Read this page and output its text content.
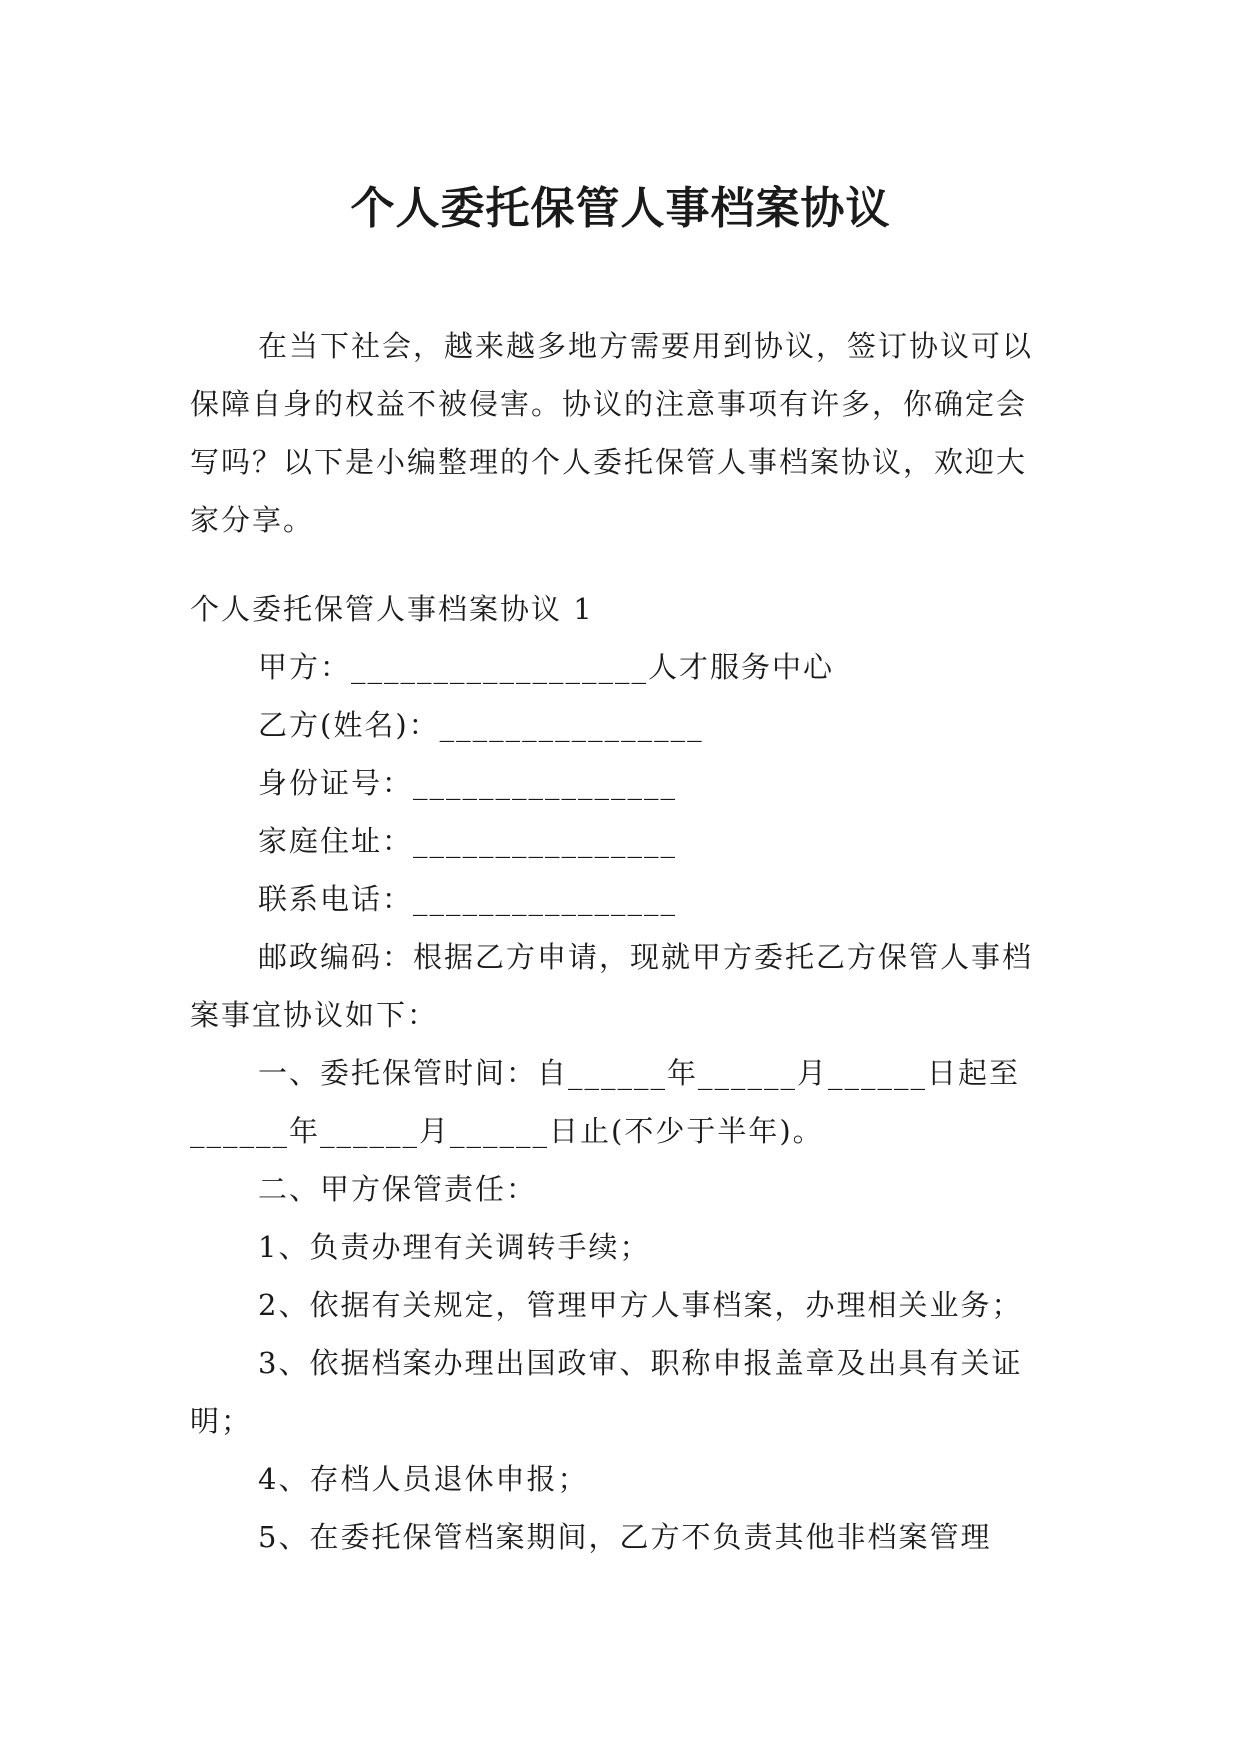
个人委托保管人事档案协议

在当下社会，越来越多地方需要用到协议，签订协议可以保障自身的权益不被侵害。协议的注意事项有许多，你确定会写吗？以下是小编整理的个人委托保管人事档案协议，欢迎大家分享。

个人委托保管人事档案协议 1

甲方：__________________人才服务中心

乙方(姓名)：________________

身份证号：________________

家庭住址：________________

联系电话：________________

邮政编码：根据乙方申请，现就甲方委托乙方保管人事档案事宜协议如下：

一、委托保管时间：自______年______月______日起至______年______月______日止(不少于半年)。

二、甲方保管责任：

1、负责办理有关调转手续；

2、依据有关规定，管理甲方人事档案，办理相关业务；

3、依据档案办理出国政审、职称申报盖章及出具有关证明；

4、存档人员退休申报；

5、在委托保管档案期间，乙方不负责其他非档案管理
